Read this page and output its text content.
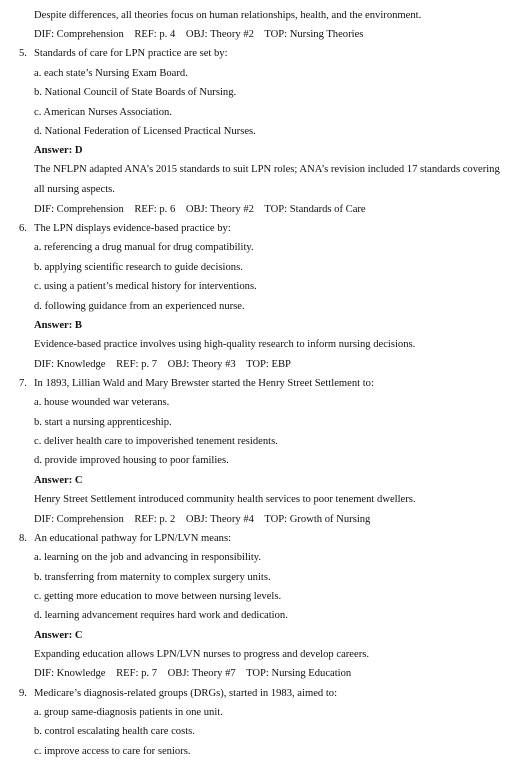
Despite differences, all theories focus on human relationships, health, and the environment.
DIF: Comprehension    REF: p. 4    OBJ: Theory #2    TOP: Nursing Theories
5. Standards of care for LPN practice are set by:
a. each state’s Nursing Exam Board.
b. National Council of State Boards of Nursing.
c. American Nurses Association.
d. National Federation of Licensed Practical Nurses.
Answer: D
The NFLPN adapted ANA’s 2015 standards to suit LPN roles; ANA’s revision included 17 standards covering all nursing aspects.
DIF: Comprehension    REF: p. 6    OBJ: Theory #2    TOP: Standards of Care
6. The LPN displays evidence-based practice by:
a. referencing a drug manual for drug compatibility.
b. applying scientific research to guide decisions.
c. using a patient’s medical history for interventions.
d. following guidance from an experienced nurse.
Answer: B
Evidence-based practice involves using high-quality research to inform nursing decisions.
DIF: Knowledge    REF: p. 7    OBJ: Theory #3    TOP: EBP
7. In 1893, Lillian Wald and Mary Brewster started the Henry Street Settlement to:
a. house wounded war veterans.
b. start a nursing apprenticeship.
c. deliver health care to impoverished tenement residents.
d. provide improved housing to poor families.
Answer: C
Henry Street Settlement introduced community health services to poor tenement dwellers.
DIF: Comprehension    REF: p. 2    OBJ: Theory #4    TOP: Growth of Nursing
8. An educational pathway for LPN/LVN means:
a. learning on the job and advancing in responsibility.
b. transferring from maternity to complex surgery units.
c. getting more education to move between nursing levels.
d. learning advancement requires hard work and dedication.
Answer: C
Expanding education allows LPN/LVN nurses to progress and develop careers.
DIF: Knowledge    REF: p. 7    OBJ: Theory #7    TOP: Nursing Education
9. Medicare’s diagnosis-related groups (DRGs), started in 1983, aimed to:
a. group same-diagnosis patients in one unit.
b. control escalating health care costs.
c. improve access to care for seniors.
